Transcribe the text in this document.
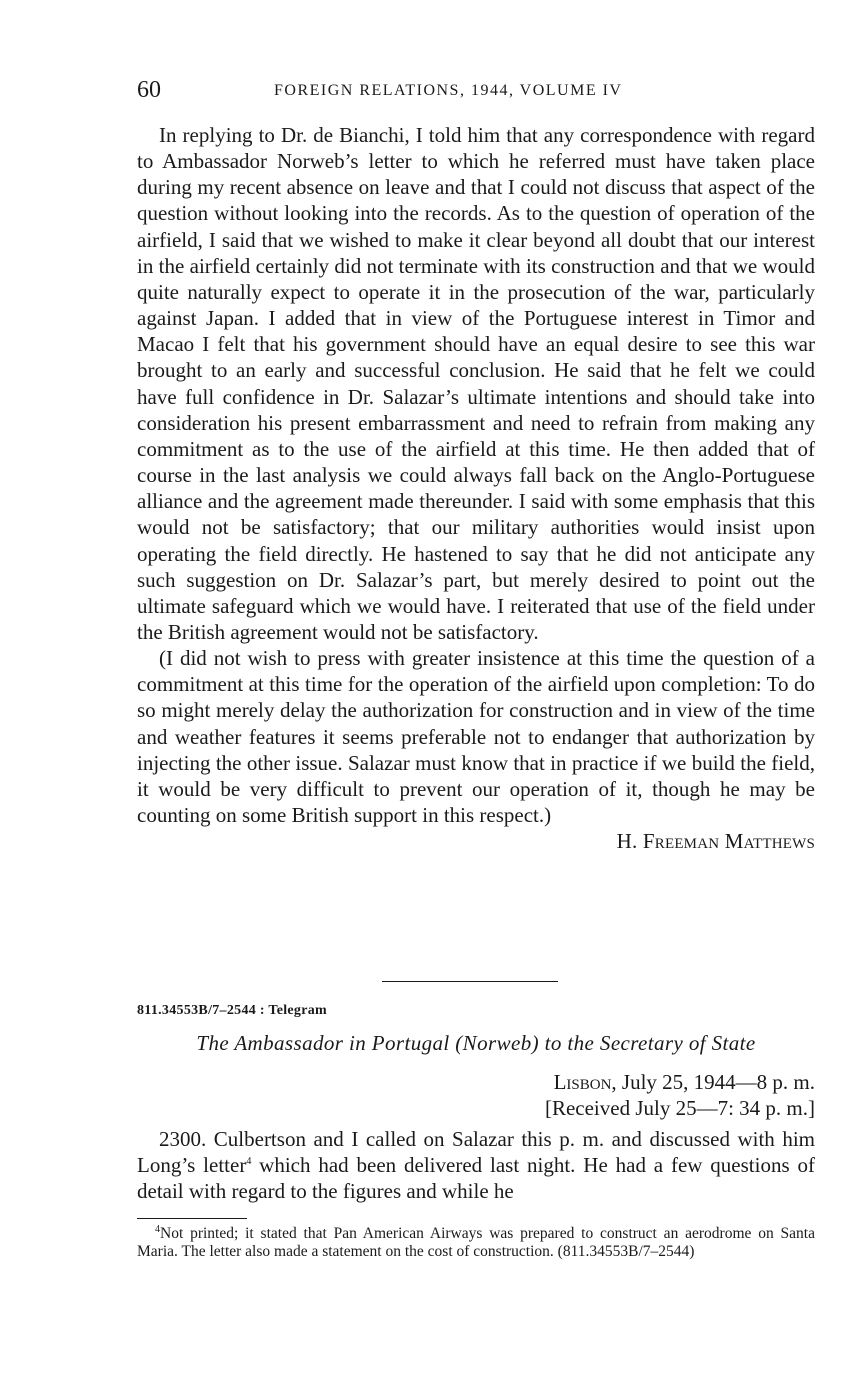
60	FOREIGN RELATIONS, 1944, VOLUME IV

In replying to Dr. de Bianchi, I told him that any correspondence with regard to Ambassador Norweb’s letter to which he referred must have taken place during my recent absence on leave and that I could not discuss that aspect of the question without looking into the records. As to the question of operation of the airfield, I said that we wished to make it clear beyond all doubt that our interest in the airfield certainly did not terminate with its construction and that we would quite naturally expect to operate it in the prosecution of the war, particularly against Japan. I added that in view of the Portuguese interest in Timor and Macao I felt that his government should have an equal desire to see this war brought to an early and successful conclusion. He said that he felt we could have full confidence in Dr. Salazar’s ultimate intentions and should take into consideration his present embarrassment and need to refrain from making any commitment as to the use of the airfield at this time. He then added that of course in the last analysis we could always fall back on the Anglo-Portuguese alliance and the agreement made thereunder. I said with some emphasis that this would not be satisfactory; that our military authorities would insist upon operating the field directly. He hastened to say that he did not anticipate any such suggestion on Dr. Salazar’s part, but merely desired to point out the ultimate safeguard which we would have. I reiterated that use of the field under the British agreement would not be satisfactory.

(I did not wish to press with greater insistence at this time the question of a commitment at this time for the operation of the airfield upon completion: To do so might merely delay the authorization for construction and in view of the time and weather features it seems preferable not to endanger that authorization by injecting the other issue. Salazar must know that in practice if we build the field, it would be very difficult to prevent our operation of it, though he may be counting on some British support in this respect.)

H. Freeman Matthews

811.34553B/7–2544 : Telegram

The Ambassador in Portugal (Norweb) to the Secretary of State

Lisbon, July 25, 1944—8 p. m.
[Received July 25—7: 34 p. m.]

2300. Culbertson and I called on Salazar this p. m. and discussed with him Long’s letter$^4$ which had been delivered last night. He had a few questions of detail with regard to the figures and while he

$^4$Not printed; it stated that Pan American Airways was prepared to construct an aerodrome on Santa Maria. The letter also made a statement on the cost of construction. (811.34553B/7–2544)
